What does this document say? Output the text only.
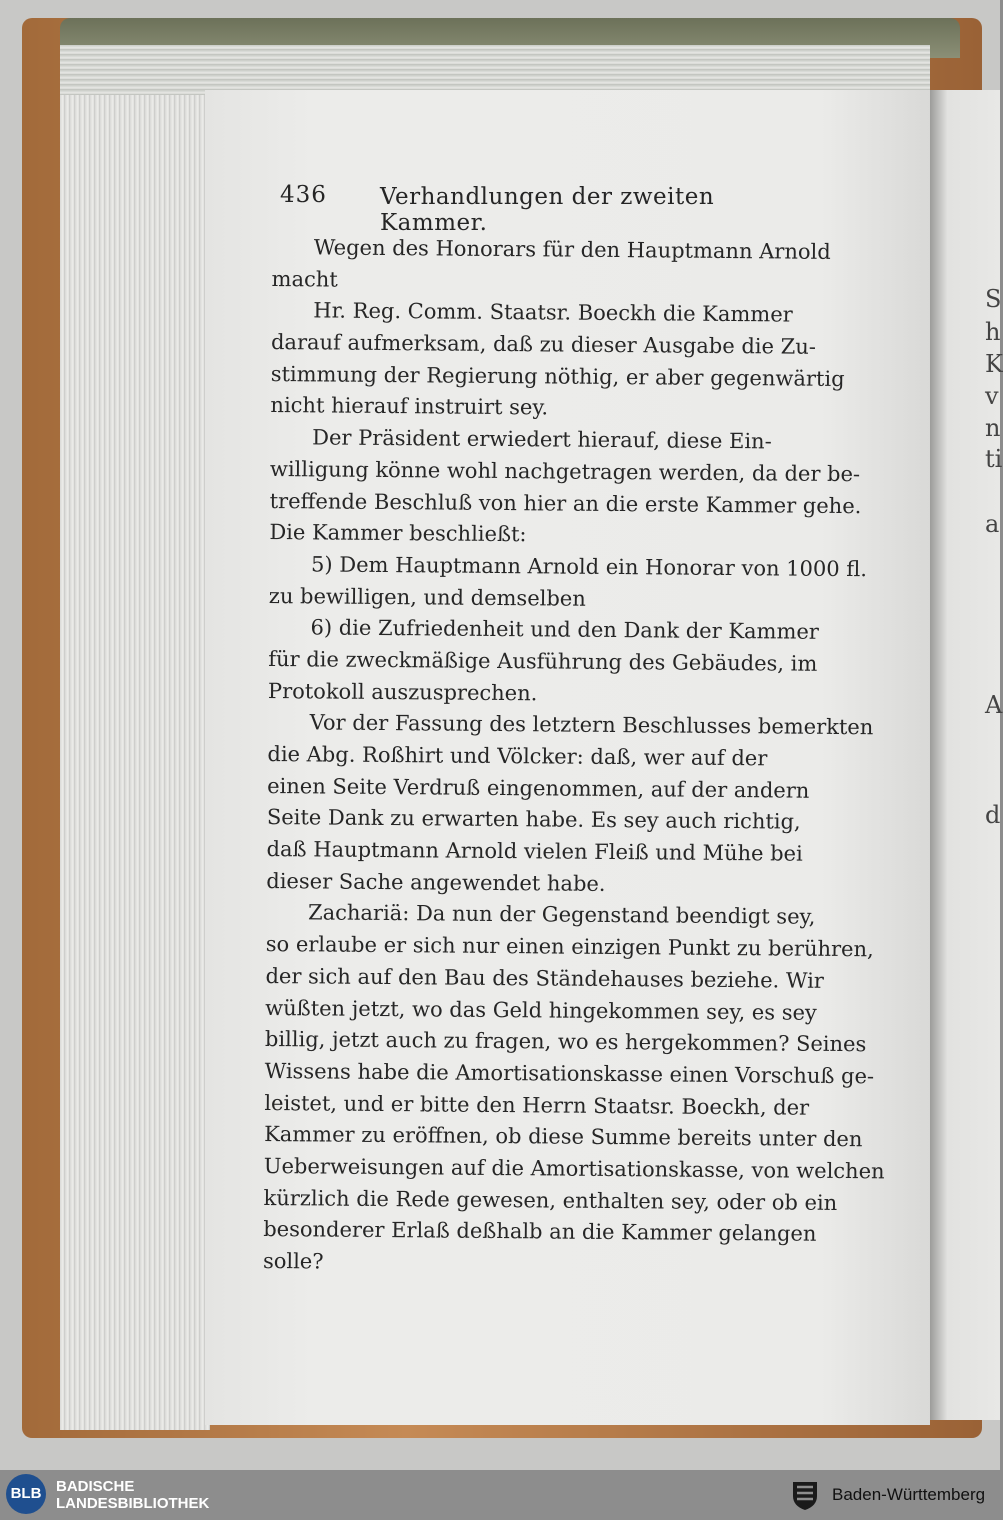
S
h
K
v
n
ti
a
A
d
436 Verhandlungen der zweiten Kammer.
Wegen des Honorars für den Hauptmann Arnold
macht
Hr. Reg. Comm. Staatsr. Boeckh die Kammer
darauf aufmerksam, daß zu dieser Ausgabe die Zu-
stimmung der Regierung nöthig, er aber gegenwärtig
nicht hierauf instruirt sey.
Der Präsident erwiedert hierauf, diese Ein-
willigung könne wohl nachgetragen werden, da der be-
treffende Beschluß von hier an die erste Kammer gehe.
Die Kammer beschließt:
5) Dem Hauptmann Arnold ein Honorar von 1000 fl.
zu bewilligen, und demselben
6) die Zufriedenheit und den Dank der Kammer
für die zweckmäßige Ausführung des Gebäudes, im
Protokoll auszusprechen.
Vor der Fassung des letztern Beschlusses bemerkten
die Abg. Roßhirt und Völcker: daß, wer auf der
einen Seite Verdruß eingenommen, auf der andern
Seite Dank zu erwarten habe. Es sey auch richtig,
daß Hauptmann Arnold vielen Fleiß und Mühe bei
dieser Sache angewendet habe.
Zachariä: Da nun der Gegenstand beendigt sey,
so erlaube er sich nur einen einzigen Punkt zu berühren,
der sich auf den Bau des Ständehauses beziehe. Wir
wüßten jetzt, wo das Geld hingekommen sey, es sey
billig, jetzt auch zu fragen, wo es hergekommen? Seines
Wissens habe die Amortisationskasse einen Vorschuß ge-
leistet, und er bitte den Herrn Staatsr. Boeckh, der
Kammer zu eröffnen, ob diese Summe bereits unter den
Ueberweisungen auf die Amortisationskasse, von welchen
kürzlich die Rede gewesen, enthalten sey, oder ob ein
besonderer Erlaß deßhalb an die Kammer gelangen
solle?
BLB BADISCHE
LANDESBIBLIOTHEK	Baden-Württemberg
